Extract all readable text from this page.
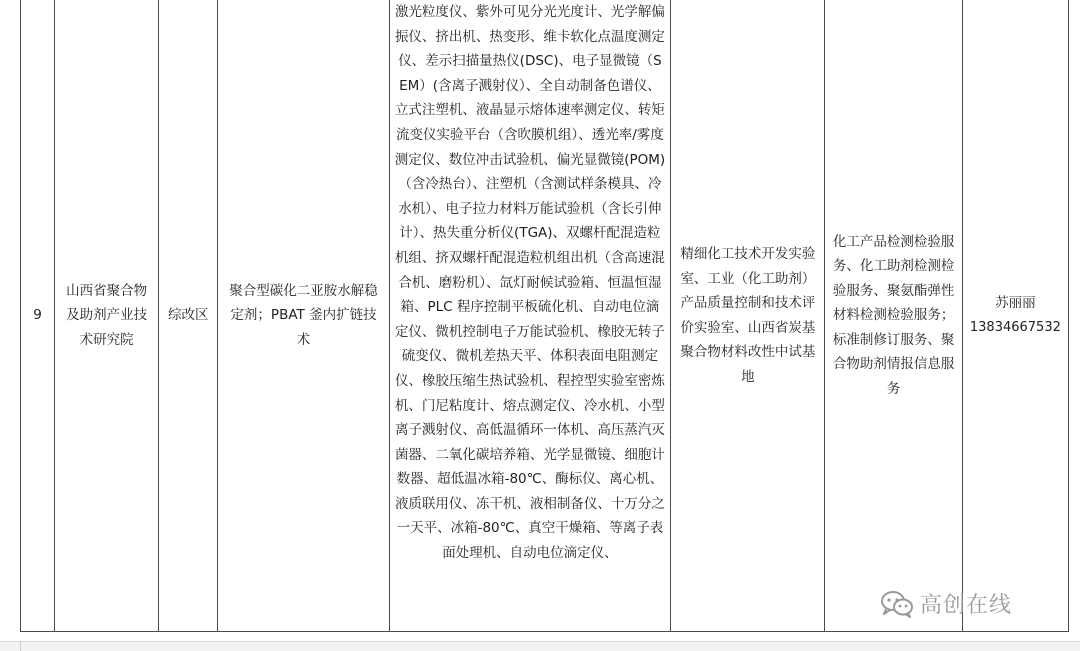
9

山西省聚合物及助剂产业技术研究院

综改区

聚合型碳化二亚胺水解稳定剂；PBAT 釜内扩链技术

激光粒度仪、紫外可见分光光度计、光学解偏振仪、挤出机、热变形、维卡软化点温度测定仪、差示扫描量热仪(DSC)、电子显微镜（SEM）(含离子溅射仪）、全自动制备色谱仪、立式注塑机、液晶显示熔体速率测定仪、转矩流变仪实验平台（含吹膜机组）、透光率/雾度测定仪、数位冲击试验机、偏光显微镜(POM)（含冷热台）、注塑机（含测试样条模具、冷水机）、电子拉力材料万能试验机（含长引伸计）、热失重分析仪(TGA)、双螺杆配混造粒机组、挤双螺杆配混造粒机组出机（含高速混合机、磨粉机）、氙灯耐候试验箱、恒温恒湿箱、PLC 程序控制平板硫化机、自动电位滴定仪、微机控制电子万能试验机、橡胶无转子硫变仪、微机差热天平、体积表面电阻测定仪、橡胶压缩生热试验机、程控型实验室密炼机、门尼粘度计、熔点测定仪、冷水机、小型离子溅射仪、高低温循环一体机、高压蒸汽灭菌器、二氧化碳培养箱、光学显微镜、细胞计数器、超低温冰箱-80℃、酶标仪、离心机、液质联用仪、冻干机、液相制备仪、十万分之一天平、冰箱-80℃、真空干燥箱、等离子表面处理机、自动电位滴定仪、

精细化工技术开发实验室、工业（化工助剂）产品质量控制和技术评价实验室、山西省炭基聚合物材料改性中试基地

化工产品检测检验服务、化工助剂检测检验服务、聚氨酯弹性材料检测检验服务；标准制修订服务、聚合物助剂情报信息服务

苏丽丽
13834667532
高创在线
